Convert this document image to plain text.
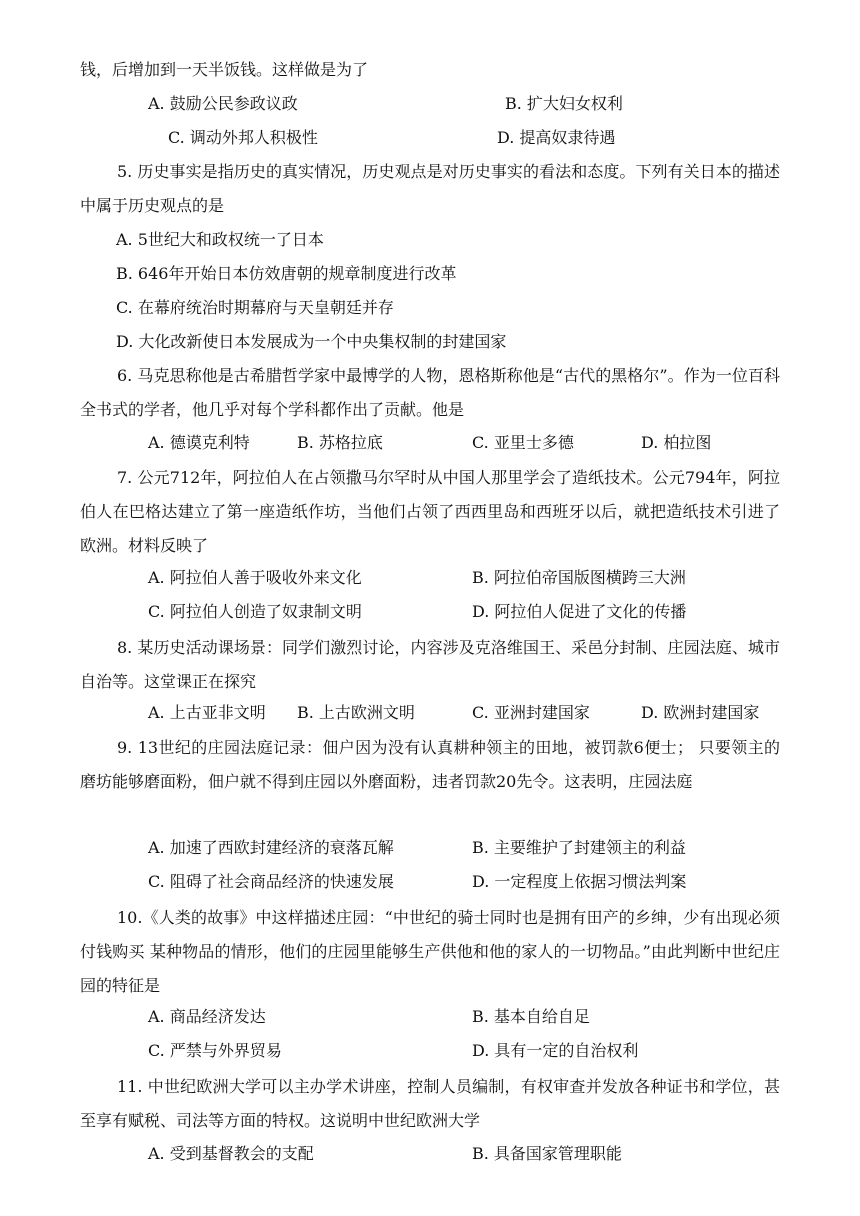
钱，后增加到一天半饭钱。这样做是为了
A. 鼓励公民参政议政	B. 扩大妇女权利
C. 调动外邦人积极性	D. 提高奴隶待遇
5. 历史事实是指历史的真实情况，历史观点是对历史事实的看法和态度。下列有关日本的描述中属于历史观点的是
A. 5世纪大和政权统一了日本
B. 646年开始日本仿效唐朝的规章制度进行改革
C. 在幕府统治时期幕府与天皇朝廷并存
D. 大化改新使日本发展成为一个中央集权制的封建国家
6. 马克思称他是古希腊哲学家中最博学的人物，恩格斯称他是“古代的黑格尔”。作为一位百科全书式的学者，他几乎对每个学科都作出了贡献。他是
A. 德谟克利特	B. 苏格拉底	C. 亚里士多德	D. 柏拉图
7. 公元712年，阿拉伯人在占领撒马尔罕时从中国人那里学会了造纸技术。公元794年，阿拉伯人在巴格达建立了第一座造纸作坊，当他们占领了西西里岛和西班牙以后，就把造纸技术引进了欧洲。材料反映了
A. 阿拉伯人善于吸收外来文化	B. 阿拉伯帝国版图横跨三大洲
C. 阿拉伯人创造了奴隶制文明	D. 阿拉伯人促进了文化的传播
8. 某历史活动课场景：同学们激烈讨论，内容涉及克洛维国王、采邑分封制、庄园法庭、城市自治等。这堂课正在探究
A. 上古亚非文明 B. 上古欧洲文明	C. 亚洲封建国家	D. 欧洲封建国家
9. 13世纪的庄园法庭记录：佃户因为没有认真耕种领主的田地，被罚款6便士； 只要领主的磨坊能够磨面粉，佃户就不得到庄园以外磨面粉，违者罚款20先令。这表明，庄园法庭
A. 加速了西欧封建经济的衰落瓦解	B. 主要维护了封建领主的利益
C. 阻碍了社会商品经济的快速发展	D. 一定程度上依据习惯法判案
10.《人类的故事》中这样描述庄园：“中世纪的骑士同时也是拥有田产的乡绅，少有出现必须付钱购买 某种物品的情形，他们的庄园里能够生产供他和他的家人的一切物品。”由此判断中世纪庄园的特征是
A. 商品经济发达	B. 基本自给自足
C. 严禁与外界贸易	D. 具有一定的自治权利
11. 中世纪欧洲大学可以主办学术讲座，控制人员编制，有权审查并发放各种证书和学位，甚至享有赋税、司法等方面的特权。这说明中世纪欧洲大学
A. 受到基督教会的支配	B. 具备国家管理职能
